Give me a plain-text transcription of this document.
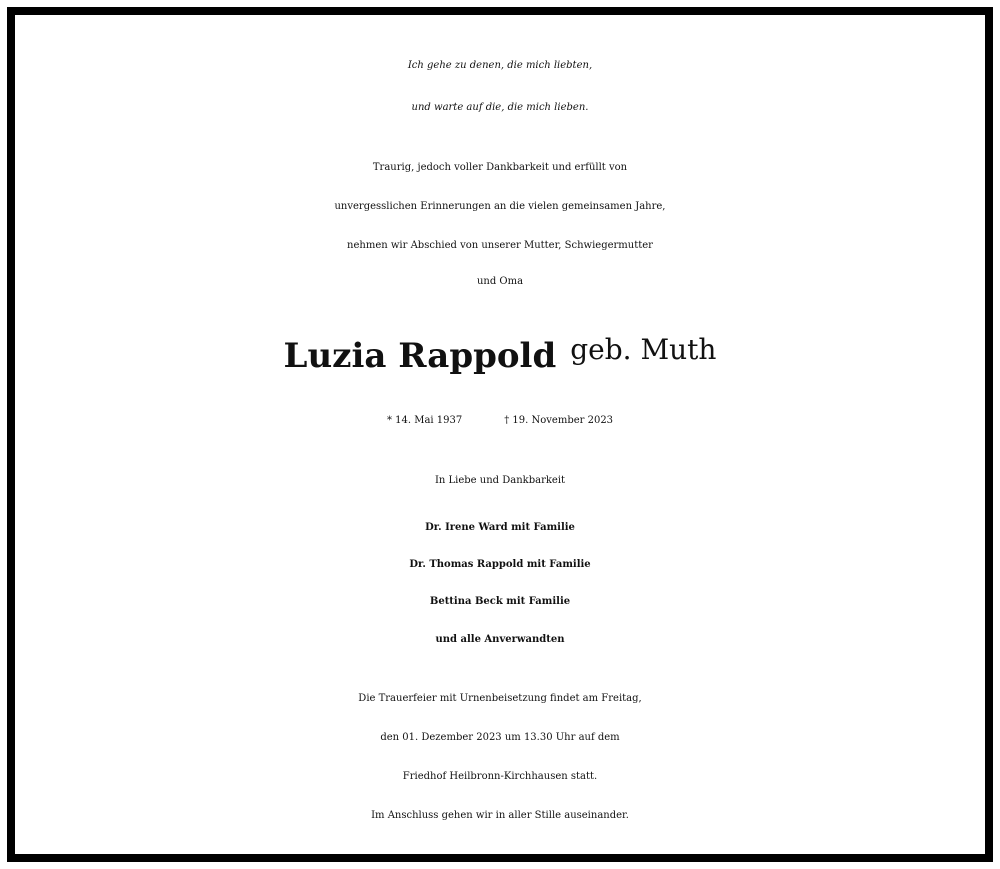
Ich gehe zu denen, die mich liebten,
und warte auf die, die mich lieben.
Traurig, jedoch voller Dankbarkeit und erfüllt von
unvergesslichen Erinnerungen an die vielen gemeinsamen Jahre,
nehmen wir Abschied von unserer Mutter, Schwiegermutter
und Oma
Luzia Rappold $^{geb. Muth}$
* 14. Mai 1937	† 19. November 2023
In Liebe und Dankbarkeit
Dr. Irene Ward mit Familie
Dr. Thomas Rappold mit Familie
Bettina Beck mit Familie
und alle Anverwandten
Die Trauerfeier mit Urnenbeisetzung findet am Freitag,
den 01. Dezember 2023 um 13.30 Uhr auf dem
Friedhof Heilbronn-Kirchhausen statt.
Im Anschluss gehen wir in aller Stille auseinander.
